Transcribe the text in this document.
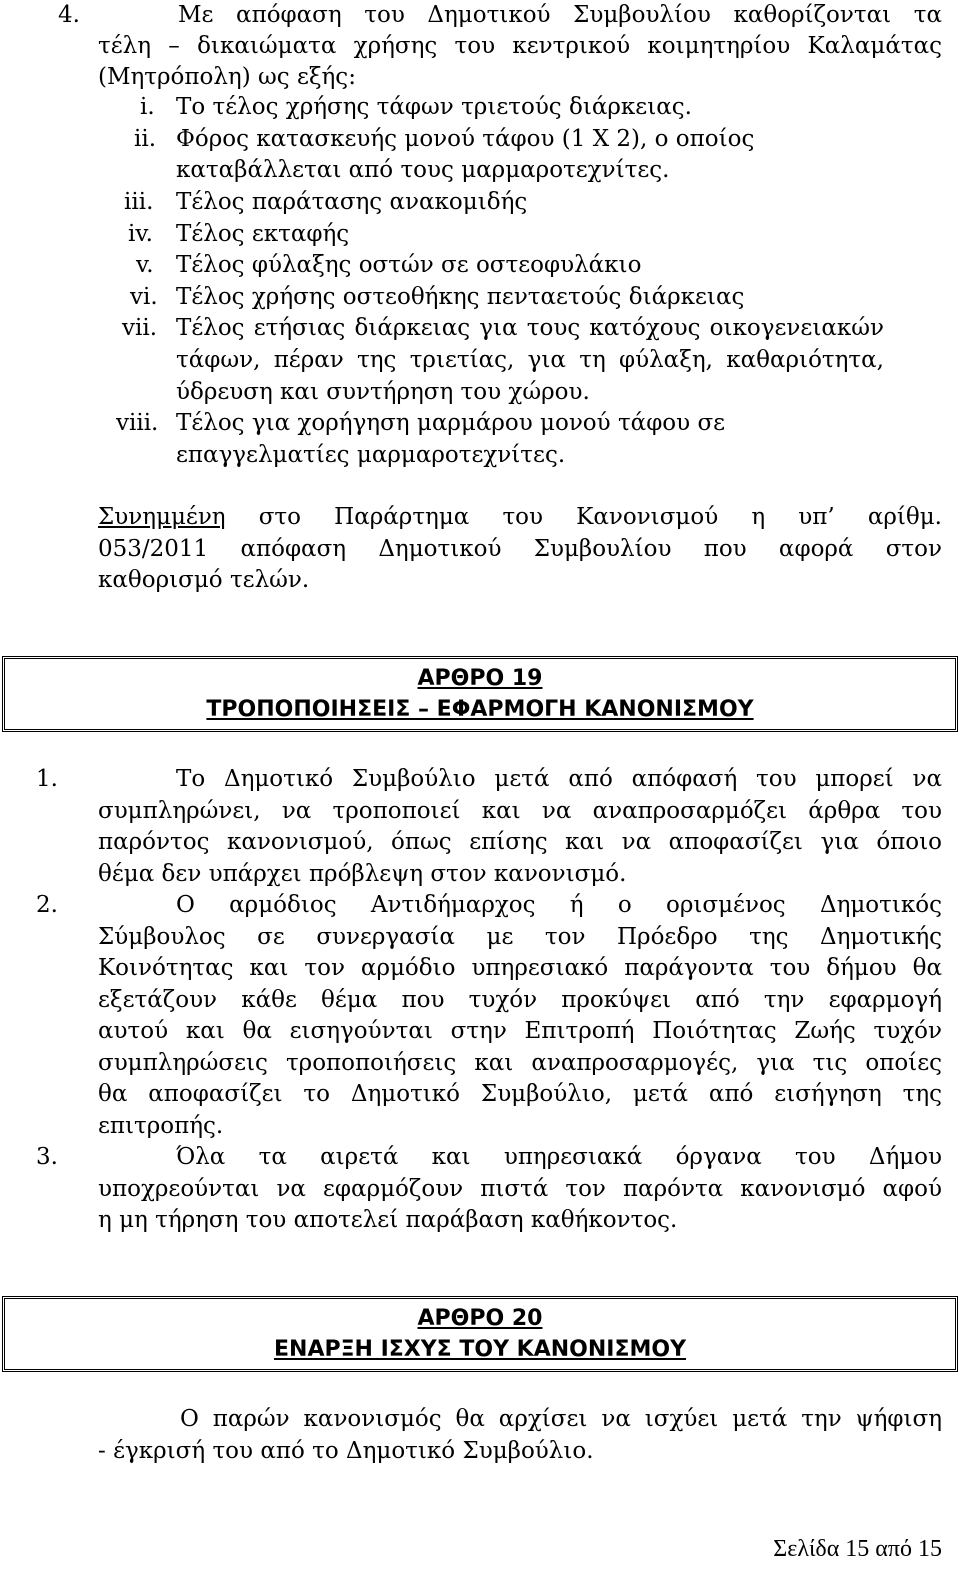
4.	Με απόφαση του Δημοτικού Συμβουλίου καθορίζονται τα
τέλη – δικαιώματα χρήσης του κεντρικού κοιμητηρίου Καλαμάτας
(Μητρόπολη) ως εξής:
i. Το τέλος χρήσης τάφων τριετούς διάρκειας.
ii. Φόρος κατασκευής μονού τάφου (1 Χ 2), ο οποίος
καταβάλλεται από τους μαρμαροτεχνίτες.
iii. Τέλος παράτασης ανακομιδής
iv. Τέλος εκταφής
v. Τέλος φύλαξης οστών σε οστεοφυλάκιο
vi. Τέλος χρήσης οστεοθήκης πενταετούς διάρκειας
vii. Τέλος ετήσιας διάρκειας για τους κατόχους οικογενειακών
τάφων, πέραν της τριετίας, για τη φύλαξη, καθαριότητα,
ύδρευση και συντήρηση του χώρου.
viii. Τέλος για χορήγηση μαρμάρου μονού τάφου σε
επαγγελματίες μαρμαροτεχνίτες.
Συνημμένη στο Παράρτημα του Κανονισμού η υπ’ αρίθμ.
053/2011 απόφαση Δημοτικού Συμβουλίου που αφορά στον
καθορισμό τελών.
ΑΡΘΡΟ 19
ΤΡΟΠΟΠΟΙΗΣΕΙΣ – ΕΦΑΡΜΟΓΗ ΚΑΝΟΝΙΣΜΟΥ
1.	Το Δημοτικό Συμβούλιο μετά από απόφασή του μπορεί να
συμπληρώνει, να τροποποιεί και να αναπροσαρμόζει άρθρα του
παρόντος κανονισμού, όπως επίσης και να αποφασίζει για όποιο
θέμα δεν υπάρχει πρόβλεψη στον κανονισμό.
2.	Ο αρμόδιος Αντιδήμαρχος ή ο ορισμένος Δημοτικός
Σύμβουλος σε συνεργασία με τον Πρόεδρο της Δημοτικής
Κοινότητας και τον αρμόδιο υπηρεσιακό παράγοντα του δήμου θα
εξετάζουν κάθε θέμα που τυχόν προκύψει από την εφαρμογή
αυτού και θα εισηγούνται στην Επιτροπή Ποιότητας Ζωής τυχόν
συμπληρώσεις τροποποιήσεις και αναπροσαρμογές, για τις οποίες
θα αποφασίζει το Δημοτικό Συμβούλιο, μετά από εισήγηση της
επιτροπής.
3.	Όλα τα αιρετά και υπηρεσιακά όργανα του Δήμου
υποχρεούνται να εφαρμόζουν πιστά τον παρόντα κανονισμό αφού
η μη τήρηση του αποτελεί παράβαση καθήκοντος.
ΑΡΘΡΟ 20
ΕΝΑΡΞΗ ΙΣΧΥΣ ΤΟΥ ΚΑΝΟΝΙΣΜΟΥ
Ο παρών κανονισμός θα αρχίσει να ισχύει μετά την ψήφιση
- έγκρισή του από το Δημοτικό Συμβούλιο.
Σελίδα 15 από 15
